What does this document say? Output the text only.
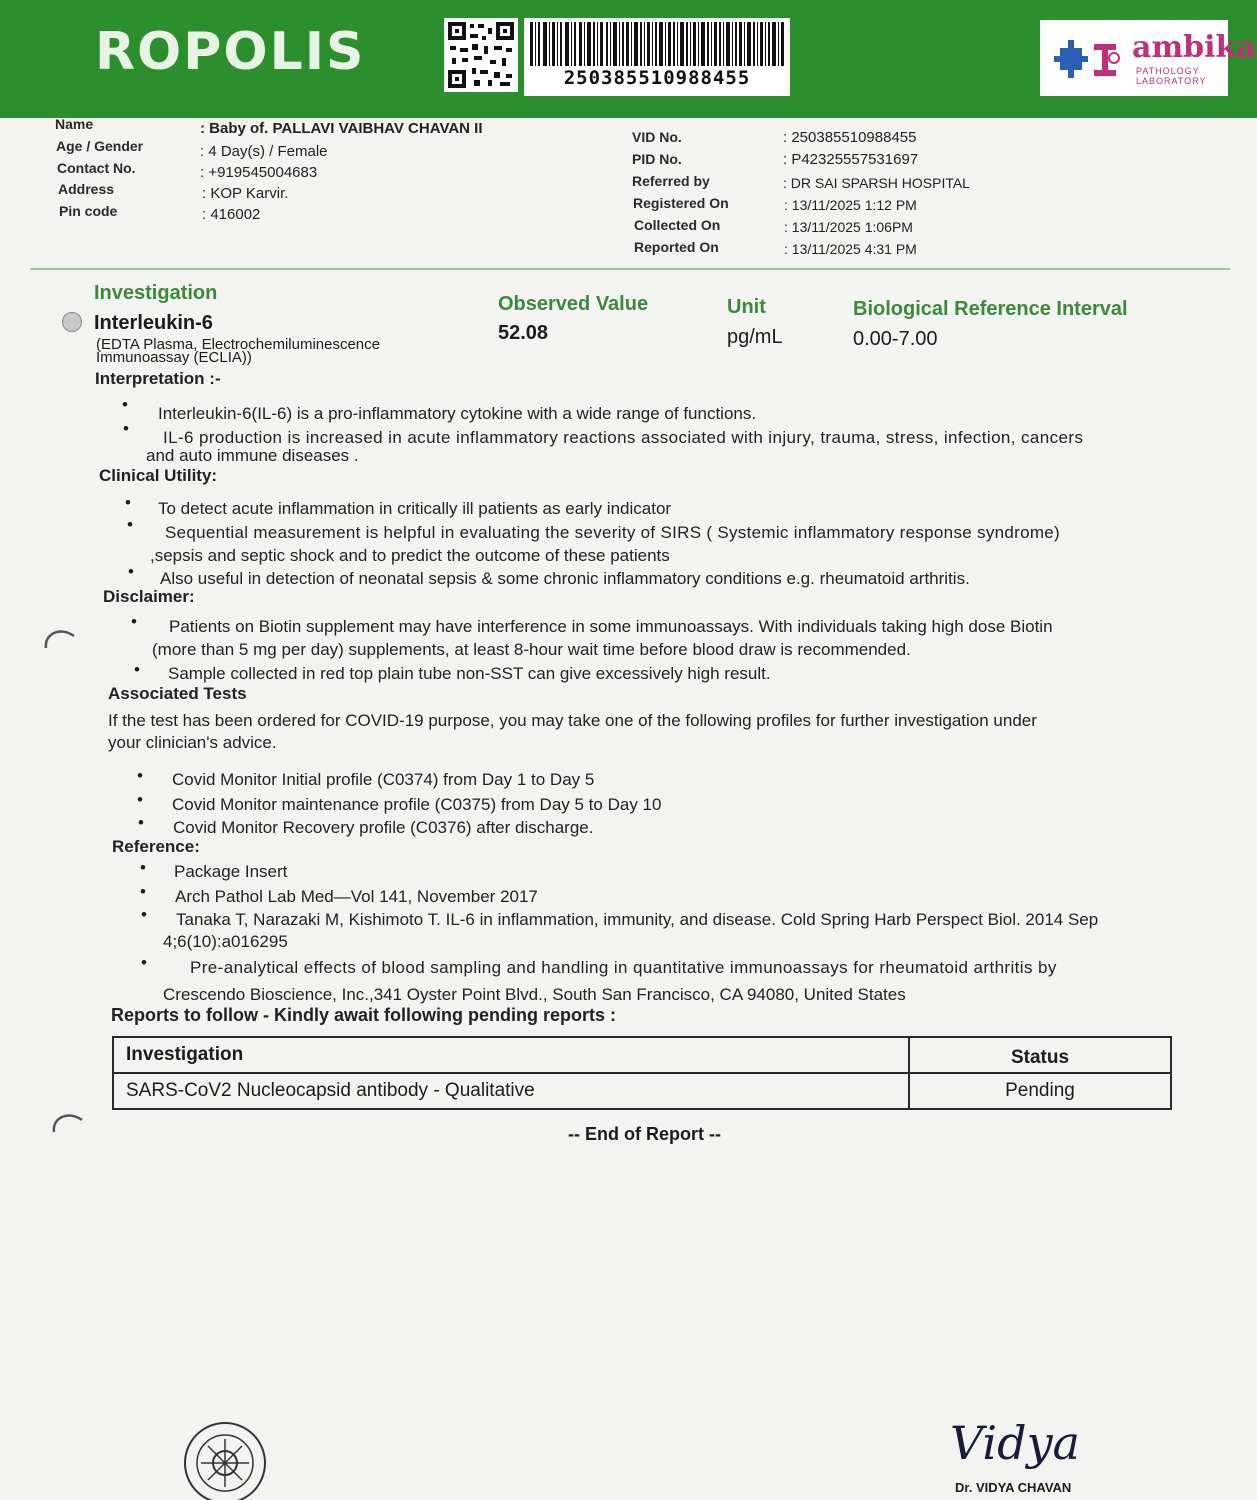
ROPOLIS	250385510988455
ambika
PATHOLOGY LABORATORY
Name	: Baby of. PALLAVI VAIBHAV CHAVAN II
Age / Gender	: 4 Day(s) / Female
Contact No.	: +919545004683
Address	: KOP Karvir.
Pin code	: 416002
VID No.	: 250385510988455
PID No.	: P42325557531697
Referred by	: DR SAI SPARSH HOSPITAL
Registered On	: 13/11/2025 1:12 PM
Collected On	: 13/11/2025 1:06PM
Reported On	: 13/11/2025 4:31 PM
Investigation	Observed Value	Unit	Biological Reference Interval
Interleukin-6
(EDTA Plasma, Electrochemiluminescence
Immunoassay (ECLIA))
52.08	pg/mL	0.00-7.00
Interpretation :-
• Interleukin-6(IL-6) is a pro-inflammatory cytokine with a wide range of functions.
• IL-6 production is increased in acute inflammatory reactions associated with injury, trauma, stress, infection, cancers
and auto immune diseases .
Clinical Utility:
• To detect acute inflammation in critically ill patients as early indicator
• Sequential measurement is helpful in evaluating the severity of SIRS ( Systemic inflammatory response syndrome)
,sepsis and septic shock and to predict the outcome of these patients
• Also useful in detection of neonatal sepsis & some chronic inflammatory conditions e.g. rheumatoid arthritis.
Disclaimer:
• Patients on Biotin supplement may have interference in some immunoassays. With individuals taking high dose Biotin
(more than 5 mg per day) supplements, at least 8-hour wait time before blood draw is recommended.
• Sample collected in red top plain tube non-SST can give excessively high result.
Associated Tests
If the test has been ordered for COVID-19 purpose, you may take one of the following profiles for further investigation under
your clinician's advice.
• Covid Monitor Initial profile (C0374) from Day 1 to Day 5
• Covid Monitor maintenance profile (C0375) from Day 5 to Day 10
• Covid Monitor Recovery profile (C0376) after discharge.
Reference:
• Package Insert
• Arch Pathol Lab Med—Vol 141, November 2017
• Tanaka T, Narazaki M, Kishimoto T. IL-6 in inflammation, immunity, and disease. Cold Spring Harb Perspect Biol. 2014 Sep
4;6(10):a016295
•	Pre-analytical effects of blood sampling and handling in quantitative immunoassays for rheumatoid arthritis by
Crescendo Bioscience, Inc.,341 Oyster Point Blvd., South San Francisco, CA 94080, United States
Reports to follow - Kindly await following pending reports :
Investigation	Status
SARS-CoV2 Nucleocapsid antibody - Qualitative	Pending
-- End of Report --
Vidya
Dr. VIDYA CHAVAN
